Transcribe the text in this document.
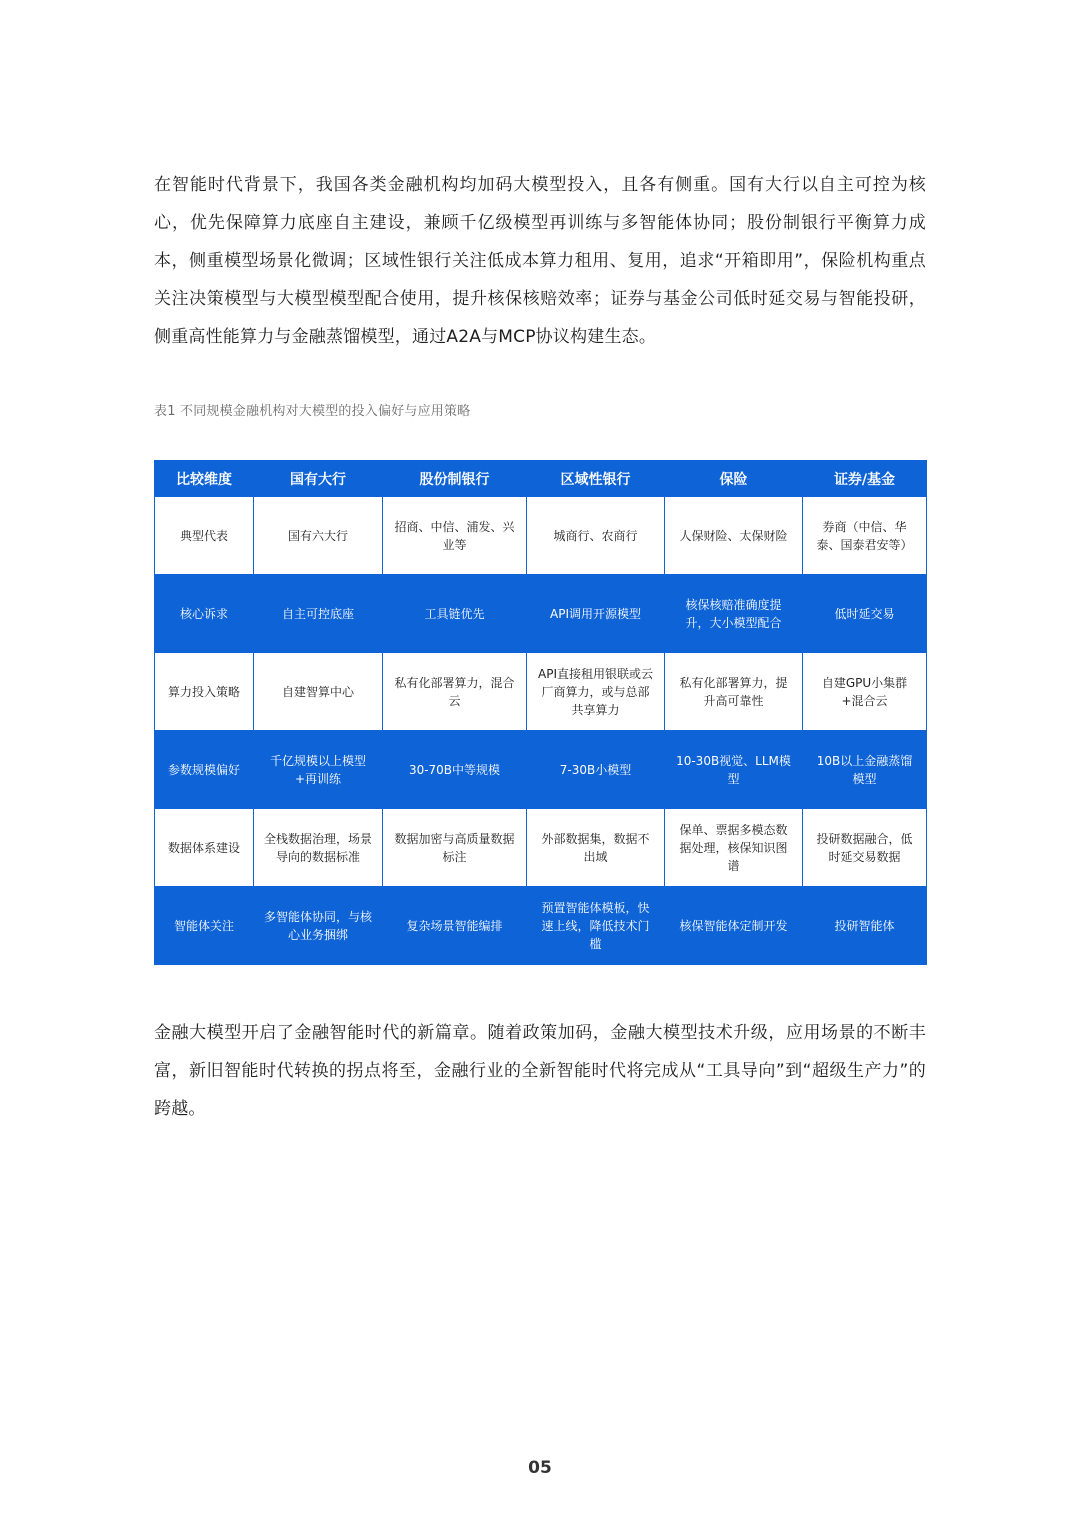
在智能时代背景下，我国各类金融机构均加码大模型投入，且各有侧重。国有大行以自主可控为核心，优先保障算力底座自主建设，兼顾千亿级模型再训练与多智能体协同；股份制银行平衡算力成本，侧重模型场景化微调；区域性银行关注低成本算力租用、复用，追求“开箱即用”，保险机构重点关注决策模型与大模型模型配合使用，提升核保核赔效率；证券与基金公司低时延交易与智能投研，侧重高性能算力与金融蒸馏模型，通过A2A与MCP协议构建生态。

表1 不同规模金融机构对大模型的投入偏好与应用策略
比较维度	国有大行	股份制银行	区域性银行	保险	证券/基金
典型代表	国有六大行	招商、中信、浦发、兴业等	城商行、农商行	人保财险、太保财险	券商（中信、华泰、国泰君安等）
核心诉求	自主可控底座	工具链优先	API调用开源模型	核保核赔准确度提升，大小模型配合	低时延交易
算力投入策略	自建智算中心	私有化部署算力，混合云	API直接租用银联或云厂商算力，或与总部共享算力	私有化部署算力，提升高可靠性	自建GPU小集群+混合云
参数规模偏好	千亿规模以上模型+再训练	30-70B中等规模	7-30B小模型	10-30B视觉、LLM模型	10B以上金融蒸馏模型
数据体系建设	全栈数据治理，场景导向的数据标准	数据加密与高质量数据标注	外部数据集，数据不出域	保单、票据多模态数据处理，核保知识图谱	投研数据融合，低时延交易数据
智能体关注	多智能体协同，与核心业务捆绑	复杂场景智能编排	预置智能体模板，快速上线，降低技术门槛	核保智能体定制开发	投研智能体

金融大模型开启了金融智能时代的新篇章。随着政策加码，金融大模型技术升级，应用场景的不断丰富，新旧智能时代转换的拐点将至，金融行业的全新智能时代将完成从“工具导向”到“超级生产力”的跨越。

05
